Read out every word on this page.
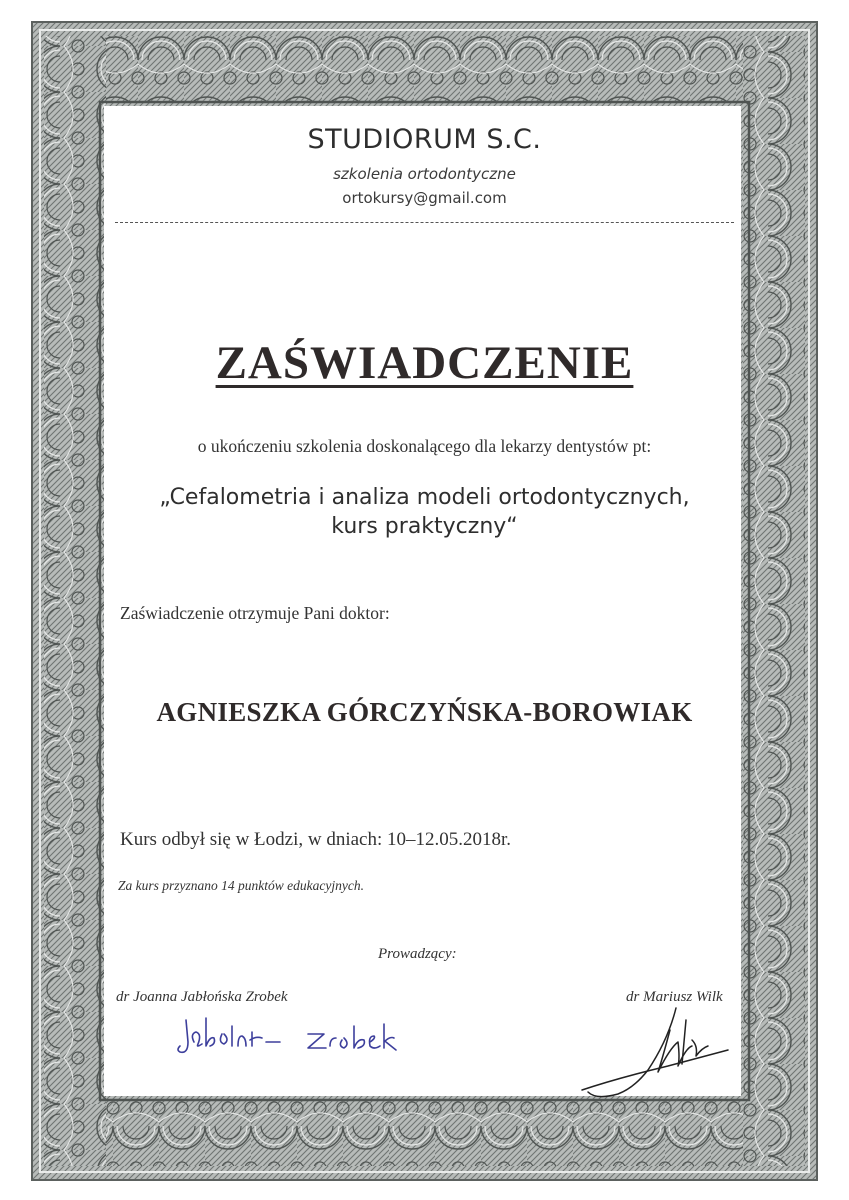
STUDIORUM S.C.
szkolenia ortodontyczne
ortokursy@gmail.com
ZAŚWIADCZENIE
o ukończeniu szkolenia doskonalącego dla lekarzy dentystów pt:
„Cefalometria i analiza modeli ortodontycznych,
kurs praktyczny“
Zaświadczenie otrzymuje Pani doktor:
AGNIESZKA GÓRCZYŃSKA-BOROWIAK
Kurs odbył się w Łodzi, w dniach: 10–12.05.2018r.
Za kurs przyznano 14 punktów edukacyjnych.
Prowadzący:
dr Joanna Jabłońska Zrobek	dr Mariusz Wilk
